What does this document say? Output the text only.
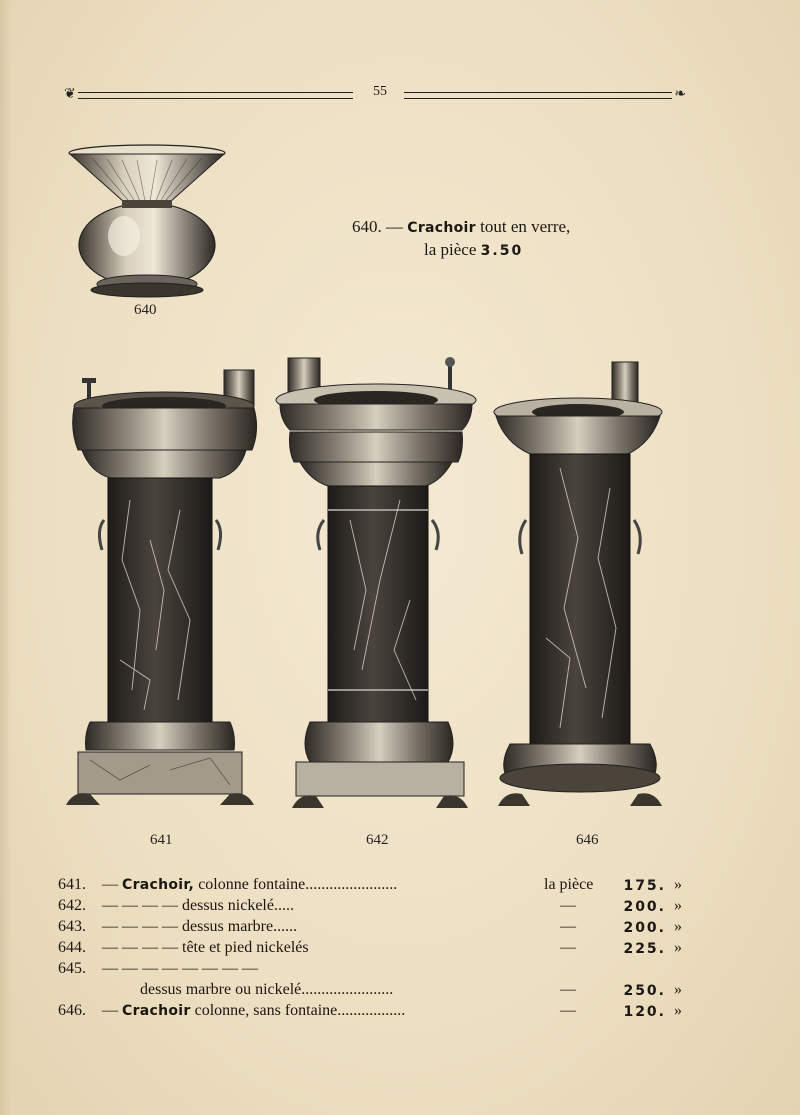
❦	55	❧
640
640. — Crachoir tout en verre,
la pièce 3.50
641	642	646
641. — Crachoir, colonne fontaine.......................	la pièce 175. »
642. — — — — dessus nickelé.....	—	200. »
643. — — — — dessus marbre......	—	200. »
644. — — — — tête et pied nickelés	—	225. »
645. — — — — — — — —
dessus marbre ou nickelé.......................	—	250. »
646. — Crachoir colonne, sans fontaine.................	—	120. »
